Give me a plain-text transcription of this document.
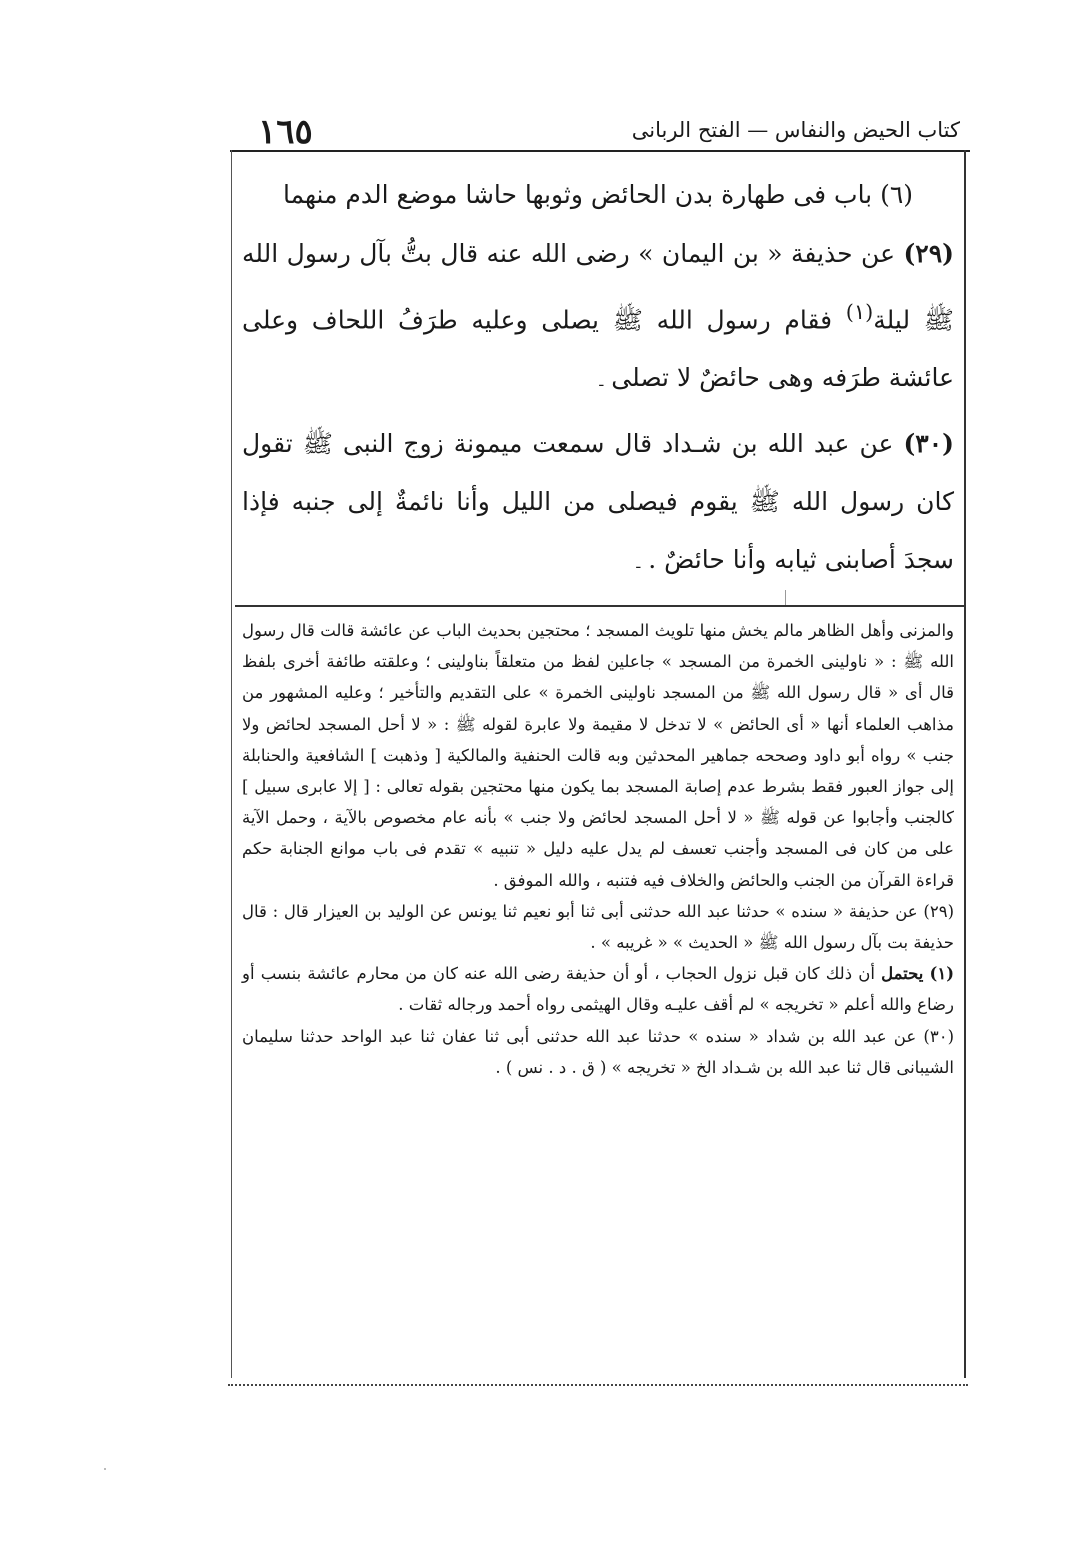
كتاب الحيض والنفاس — الفتح الربانى
١٦٥

(٦) باب فى طهارة بدن الحائض وثوبها حاشا موضع الدم منهما

(٢٩) عن حذيفة « بن اليمان » رضى الله عنه قال بتُّ بآل رسول الله ﷺ ليلة$^{(١)}$ فقام رسول الله ﷺ يصلى وعليه طرَفُ اللحاف وعلى عائشة طرَفه وهى حائضٌ لا تصلى ـ

(٣٠) عن عبد الله بن شـداد قال سمعت ميمونة زوج النبى ﷺ تقول كان رسول الله ﷺ يقوم فيصلى من الليل وأنا نائمةٌ إلى جنبه فإذا سجدَ أصابنى ثيابه وأنا حائضٌ . ـ

والمزنى وأهل الظاهر مالم يخش منها تلويث المسجد ؛ محتجين بحديث الباب عن عائشة قالت قال رسول الله ﷺ : « ناولينى الخمرة من المسجد » جاعلين لفظ من متعلقاً بناولينى ؛ وعلقته طائفة أخرى بلفظ قال أى « قال رسول الله ﷺ من المسجد ناولينى الخمرة » على التقديم والتأخير ؛ وعليه المشهور من مذاهب العلماء أنها « أى الحائض » لا تدخل لا مقيمة ولا عابرة لقوله ﷺ : « لا أحل المسجد لحائض ولا جنب » رواه أبو داود وصححه جماهير المحدثين وبه قالت الحنفية والمالكية [ وذهبت ] الشافعية والحنابلة إلى جواز العبور فقط بشرط عدم إصابة المسجد بما يكون منها محتجين بقوله تعالى : [ إلا عابرى سبيل ] كالجنب وأجابوا عن قوله ﷺ « لا أحل المسجد لحائض ولا جنب » بأنه عام مخصوص بالآية ، وحمل الآية على من كان فى المسجد وأجنب تعسف لم يدل عليه دليل « تنبيه » تقدم فى باب موانع الجنابة حكم قراءة القرآن من الجنب والحائض والخلاف فيه فتنبه ، والله الموفق .

(٢٩) عن حذيفة « سنده » حدثنا عبد الله حدثنى أبى ثنا أبو نعيم ثنا يونس عن الوليد بن العيزار قال : قال حذيفة بت بآل رسول الله ﷺ « الحديث » « غريبه » .

(١) يحتمل أن ذلك كان قبل نزول الحجاب ، أو أن حذيفة رضى الله عنه كان من محارم عائشة بنسب أو رضاع والله أعلم « تخريجه » لم أقف عليـه وقال الهيثمى رواه أحمد ورجاله ثقات .

(٣٠) عن عبد الله بن شداد « سنده » حدثنا عبد الله حدثنى أبى ثنا عفان ثنا عبد الواحد حدثنا سليمان الشيبانى قال ثنا عبد الله بن شـداد الخ « تخريجه » ( ق . د . نس ) .
